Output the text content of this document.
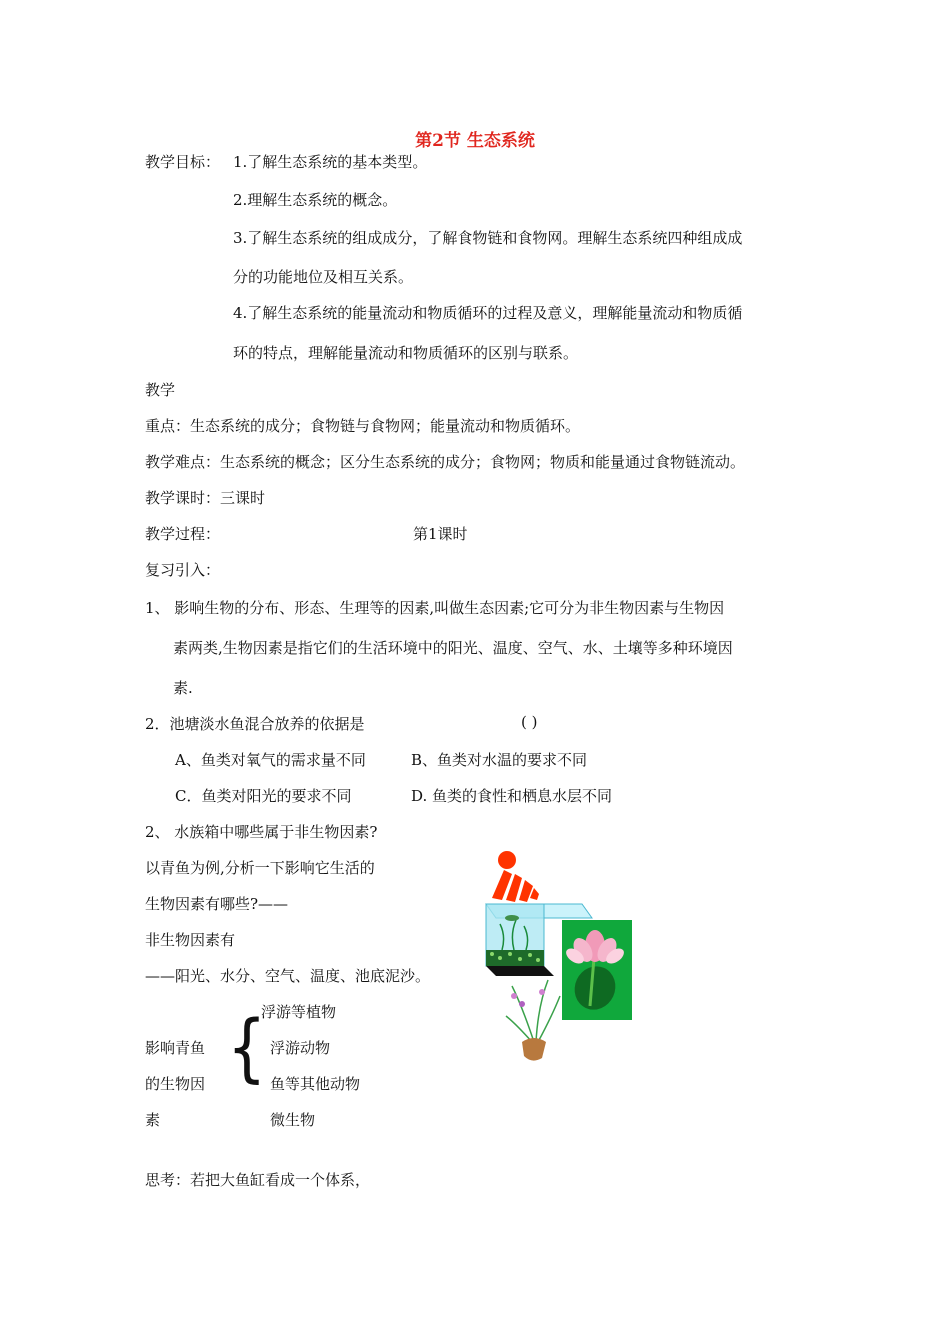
第2节 生态系统
教学目标： 1.了解生态系统的基本类型。
2.理解生态系统的概念。
3.了解生态系统的组成成分，了解食物链和食物网。理解生态系统四种组成成
分的功能地位及相互关系。
4.了解生态系统的能量流动和物质循环的过程及意义，理解能量流动和物质循
环的特点，理解能量流动和物质循环的区别与联系。
教学
重点：生态系统的成分；食物链与食物网；能量流动和物质循环。
教学难点：生态系统的概念；区分生态系统的成分；食物网；物质和能量通过食物链流动。
教学课时：三课时
教学过程：	第1课时
复习引入：
1、 影响生物的分布、形态、生理等的因素,叫做生态因素;它可分为非生物因素与生物因
素两类,生物因素是指它们的生活环境中的阳光、温度、空气、水、土壤等多种环境因
素.
2．池塘淡水鱼混合放养的依据是	( )
A、鱼类对氧气的需求量不同	B、鱼类对水温的要求不同
C．鱼类对阳光的要求不同	D. 鱼类的食性和栖息水层不同
2、 水族箱中哪些属于非生物因素?
以青鱼为例,分析一下影响它生活的
生物因素有哪些?——
非生物因素有
——阳光、水分、空气、温度、池底泥沙。
浮游等植物
{
影响青鱼	浮游动物
的生物因	鱼等其他动物
素	微生物
思考：若把大鱼缸看成一个体系，
